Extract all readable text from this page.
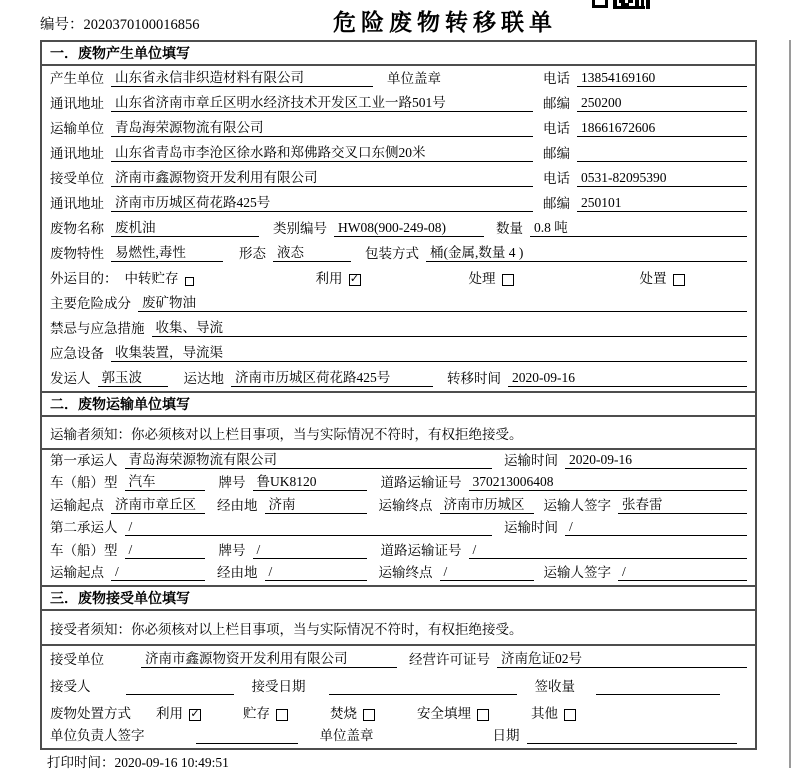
编号：2020370100016856	危险废物转移联单
一．废物产生单位填写
产生单位 山东省永信非织造材料有限公司	单位盖章	电话 13854169160
通讯地址 山东省济南市章丘区明水经济技术开发区工业一路501号	邮编 250200
运输单位 青岛海荣源物流有限公司	电话 18661672606
通讯地址 山东省青岛市李沧区徐水路和郑佛路交叉口东侧20米	邮编
接受单位 济南市鑫源物资开发利用有限公司	电话 0531-82095390
通讯地址 济南市历城区荷花路425号	邮编 250101
废物名称 废机油	类别编号 HW08(900-249-08)	数量 0.8 吨
废物特性 易燃性,毒性	形态 液态	包装方式 桶(金属,数量 4 )
外运目的： 中转贮存	利用 ✓	处理	处置
主要危险成分 废矿物油
禁忌与应急措施 收集、导流
应急设备 收集装置，导流渠
发运人 郭玉波	运达地 济南市历城区荷花路425号	转移时间 2020-09-16
二．废物运输单位填写
运输者须知：你必须核对以上栏目事项，当与实际情况不符时，有权拒绝接受。
第一承运人 青岛海荣源物流有限公司	运输时间 2020-09-16
车（船）型 汽车	牌号 鲁UK8120	道路运输证号 370213006408
运输起点 济南市章丘区	经由地 济南	运输终点 济南市历城区	运输人签字 张春雷
第二承运人 /	运输时间 /
车（船）型 /	牌号 /	道路运输证号 /
运输起点 /	经由地 /	运输终点 /	运输人签字 /
三．废物接受单位填写
接受者须知：你必须核对以上栏目事项，当与实际情况不符时，有权拒绝接受。
接受单位	济南市鑫源物资开发利用有限公司	经营许可证号 济南危证02号
接受人	接受日期	签收量
废物处置方式 利用 ✓	贮存	焚烧	安全填埋	其他
单位负责人签字	单位盖章	日期
打印时间：2020-09-16 10:49:51
